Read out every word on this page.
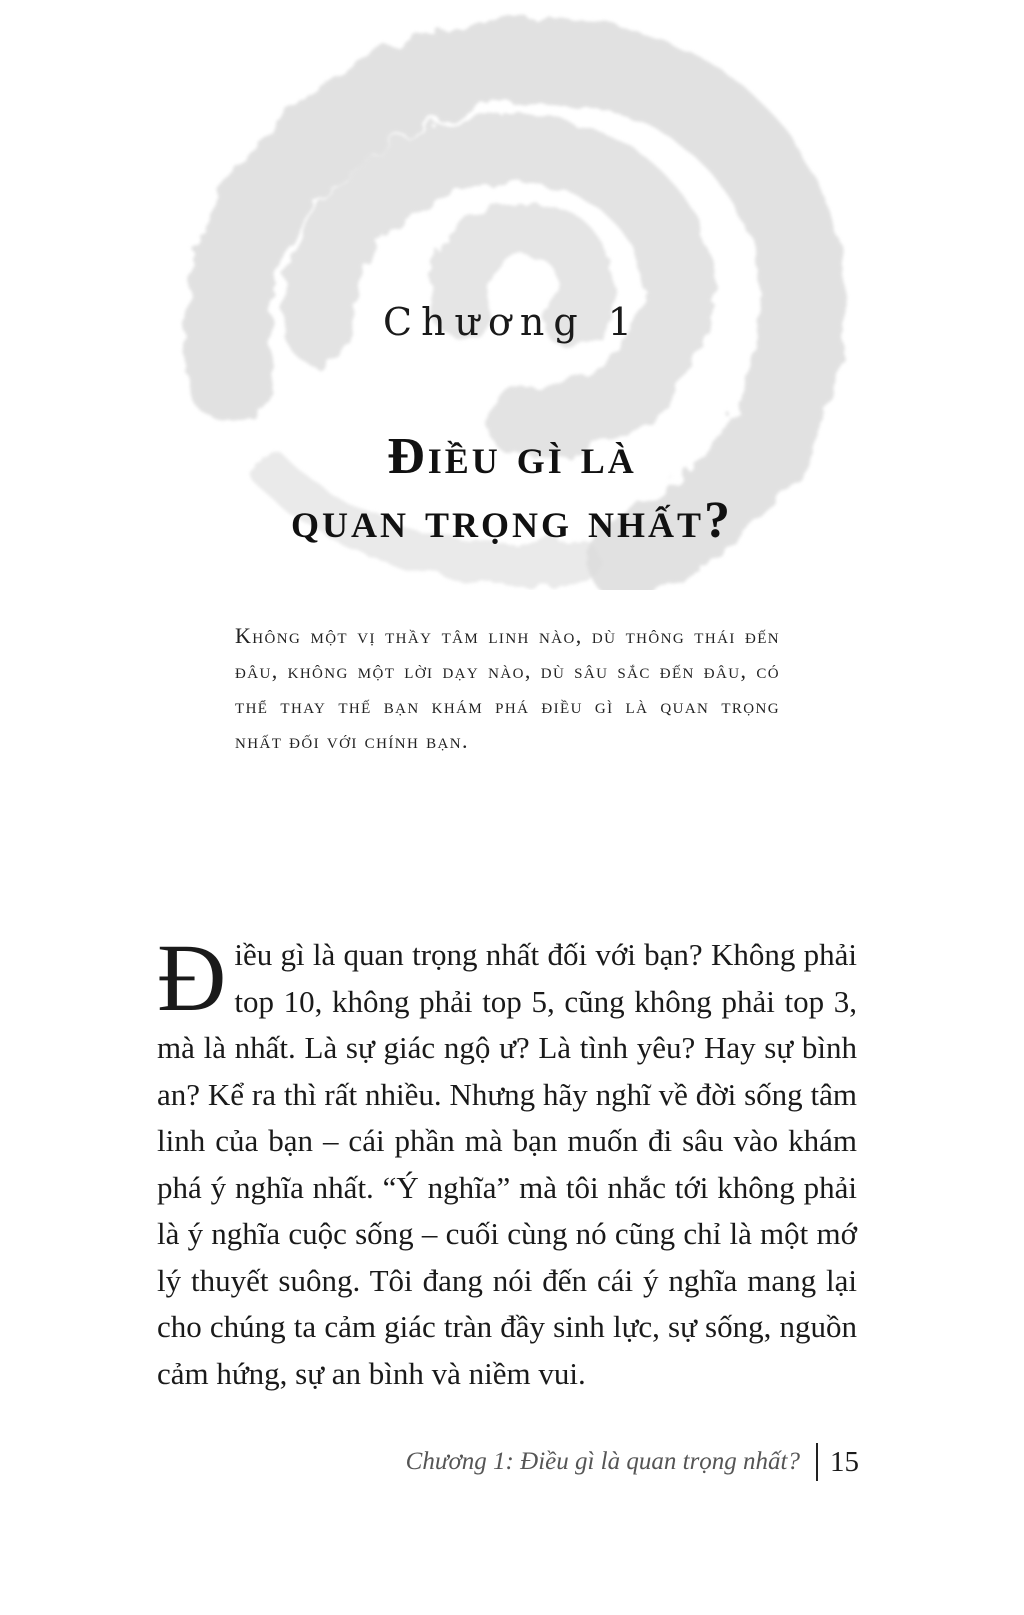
Chương 1
Điều gì là
quan trọng nhất?

Không một vị thầy tâm linh nào, dù thông thái đến đâu, không một lời dạy nào, dù sâu sắc đến đâu, có thể thay thế bạn khám phá điều gì là quan trọng nhất đối với chính bạn.

Đ iều gì là quan trọng nhất đối với bạn? Không phải top 10, không phải top 5, cũng không phải top 3, mà là nhất. Là sự giác ngộ ư? Là tình yêu? Hay sự bình an? Kể ra thì rất nhiều. Nhưng hãy nghĩ về đời sống tâm linh của bạn – cái phần mà bạn muốn đi sâu vào khám phá ý nghĩa nhất. “Ý nghĩa” mà tôi nhắc tới không phải là ý nghĩa cuộc sống – cuối cùng nó cũng chỉ là một mớ lý thuyết suông. Tôi đang nói đến cái ý nghĩa mang lại cho chúng ta cảm giác tràn đầy sinh lực, sự sống, nguồn cảm hứng, sự an bình và niềm vui.
Chương 1: Điều gì là quan trọng nhất? 15
